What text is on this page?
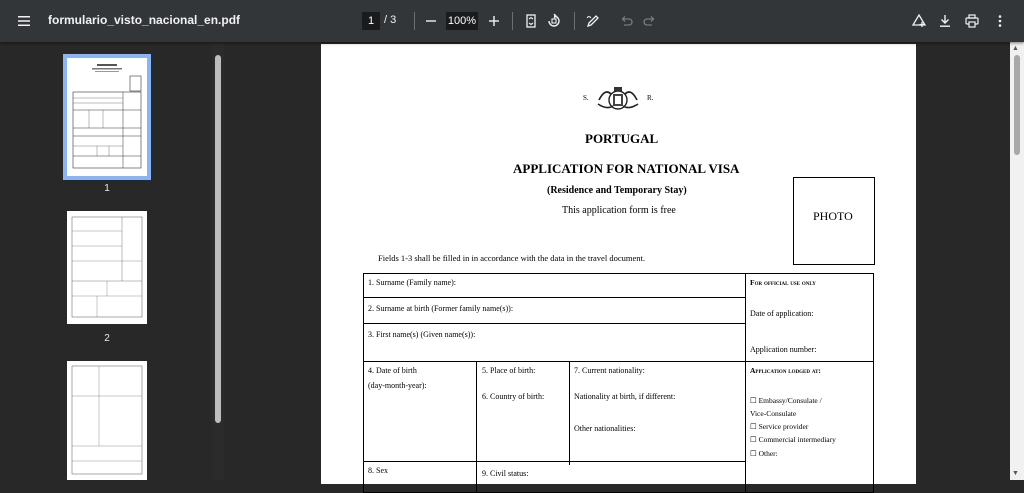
formulario_visto_nacional_en.pdf	1 / 3	100%
1
2
S.	R.
PORTUGAL
APPLICATION FOR NATIONAL VISA
(Residence and Temporary Stay)
This application form is free	PHOTO
Fields 1-3 shall be filled in in accordance with the data in the travel document.
1. Surname (Family name):
2. Surname at birth (Former family name(s)):
3. First name(s) (Given name(s)):
4. Date of birth
(day-month-year):
5. Place of birth:
6. Country of birth:
7. Current nationality:
Nationality at birth, if different:
Other nationalities:
8. Sex	9. Civil status:
For official use only
Date of application:
Application number:
Application lodged at:
☐ Embassy/Consulate /
Vice-Consulate
☐ Service provider
☐ Commercial intermediary
☐ Other:
▲
▼
